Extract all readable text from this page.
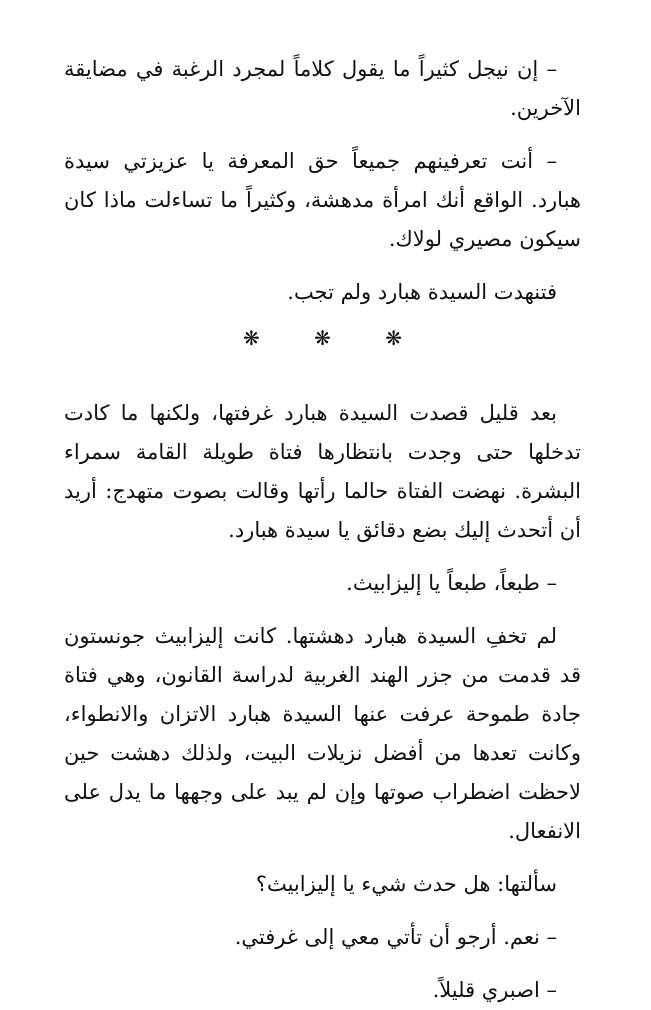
– إن نيجل كثيراً ما يقول كلاماً لمجرد الرغبة في مضايقة الآخرين.

– أنت تعرفينهم جميعاً حق المعرفة يا عزيزتي سيدة هبارد. الواقع أنك امرأة مدهشة، وكثيراً ما تساءلت ماذا كان سيكون مصيري لولاك.

فتنهدت السيدة هبارد ولم تجب.

❋ ❋ ❋

بعد قليل قصدت السيدة هبارد غرفتها، ولكنها ما كادت تدخلها حتى وجدت بانتظارها فتاة طويلة القامة سمراء البشرة. نهضت الفتاة حالما رأتها وقالت بصوت متهدج: أريد أن أتحدث إليك بضع دقائق يا سيدة هبارد.

– طبعاً، طبعاً يا إليزابيث.

لم تخفِ السيدة هبارد دهشتها. كانت إليزابيث جونستون قد قدمت من جزر الهند الغربية لدراسة القانون، وهي فتاة جادة طموحة عرفت عنها السيدة هبارد الاتزان والانطواء، وكانت تعدها من أفضل نزيلات البيت، ولذلك دهشت حين لاحظت اضطراب صوتها وإن لم يبد على وجهها ما يدل على الانفعال.

سألتها: هل حدث شيء يا إليزابيث؟

– نعم. أرجو أن تأتي معي إلى غرفتي.

– اصبري قليلاً.
